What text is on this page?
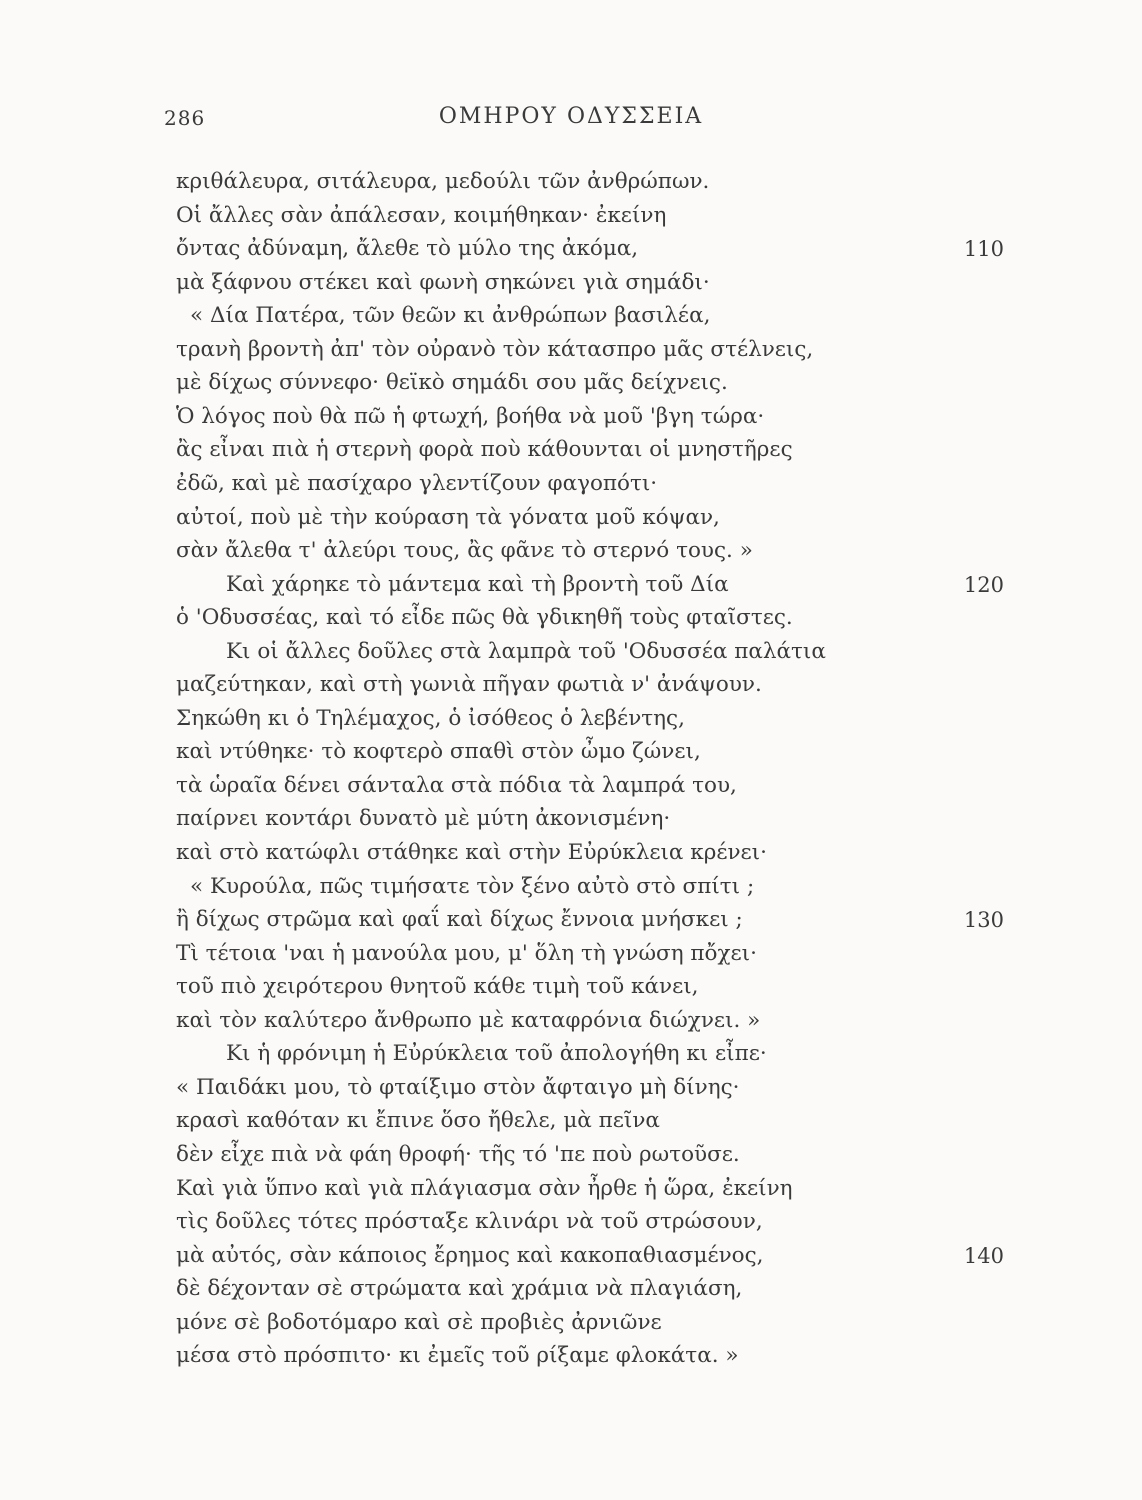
286	ΟΜΗΡΟΥ ΟΔΥΣΣΕΙΑ
κριθάλευρα, σιτάλευρα, μεδούλι τῶν ἀνθρώπων.
Οἱ ἄλλες σὰν ἀπάλεσαν, κοιμήθηκαν· ἐκείνη
ὄντας ἀδύναμη, ἄλεθε τὸ μύλο της ἀκόμα,	110
μὰ ξάφνου στέκει καὶ φωνὴ σηκώνει γιὰ σημάδι·
« Δία Πατέρα, τῶν θεῶν κι ἀνθρώπων βασιλέα,
τρανὴ βροντὴ ἀπ' τὸν οὐρανὸ τὸν κάτασπρο μᾶς στέλνεις,
μὲ δίχως σύννεφο· θεϊκὸ σημάδι σου μᾶς δείχνεις.
Ὁ λόγος ποὺ θὰ πῶ ἡ φτωχή, βοήθα νὰ μοῦ 'βγη τώρα·
ἂς εἶναι πιὰ ἡ στερνὴ φορὰ ποὺ κάθουνται οἱ μνηστῆρες
ἐδῶ, καὶ μὲ πασίχαρο γλεντίζουν φαγοπότι·
αὐτοί, ποὺ μὲ τὴν κούραση τὰ γόνατα μοῦ κόψαν,
σὰν ἄλεθα τ' ἀλεύρι τους, ἂς φᾶνε τὸ στερνό τους. »
Καὶ χάρηκε τὸ μάντεμα καὶ τὴ βροντὴ τοῦ Δία	120
ὁ 'Οδυσσέας, καὶ τό εἶδε πῶς θὰ γδικηθῆ τοὺς φταῖστες.
Κι οἱ ἄλλες δοῦλες στὰ λαμπρὰ τοῦ 'Οδυσσέα παλάτια
μαζεύτηκαν, καὶ στὴ γωνιὰ πῆγαν φωτιὰ ν' ἀνάψουν.
Σηκώθη κι ὁ Τηλέμαχος, ὁ ἰσόθεος ὁ λεβέντης,
καὶ ντύθηκε· τὸ κοφτερὸ σπαθὶ στὸν ὦμο ζώνει,
τὰ ὡραῖα δένει σάνταλα στὰ πόδια τὰ λαμπρά του,
παίρνει κοντάρι δυνατὸ μὲ μύτη ἀκονισμένη·
καὶ στὸ κατώφλι στάθηκε καὶ στὴν Εὐρύκλεια κρένει·
« Κυρούλα, πῶς τιμήσατε τὸν ξένο αὐτὸ στὸ σπίτι ;
ἢ δίχως στρῶμα καὶ φαΐ καὶ δίχως ἔννοια μνήσκει ;	130
Τὶ τέτοια 'ναι ἡ μανούλα μου, μ' ὅλη τὴ γνώση πὄχει·
τοῦ πιὸ χειρότερου θνητοῦ κάθε τιμὴ τοῦ κάνει,
καὶ τὸν καλύτερο ἄνθρωπο μὲ καταφρόνια διώχνει. »
Κι ἡ φρόνιμη ἡ Εὐρύκλεια τοῦ ἀπολογήθη κι εἶπε·
« Παιδάκι μου, τὸ φταίξιμο στὸν ἄφταιγο μὴ δίνης·
κρασὶ καθόταν κι ἔπινε ὅσο ἤθελε, μὰ πεῖνα
δὲν εἶχε πιὰ νὰ φάη θροφή· τῆς τό 'πε ποὺ ρωτοῦσε.
Καὶ γιὰ ὕπνο καὶ γιὰ πλάγιασμα σὰν ἦρθε ἡ ὥρα, ἐκείνη
τὶς δοῦλες τότες πρόσταξε κλινάρι νὰ τοῦ στρώσουν,
μὰ αὐτός, σὰν κάποιος ἔρημος καὶ κακοπαθιασμένος,	140
δὲ δέχονταν σὲ στρώματα καὶ χράμια νὰ πλαγιάση,
μόνε σὲ βοδοτόμαρο καὶ σὲ προβιὲς ἀρνιῶνε
μέσα στὸ πρόσπιτο· κι ἐμεῖς τοῦ ρίξαμε φλοκάτα. »
